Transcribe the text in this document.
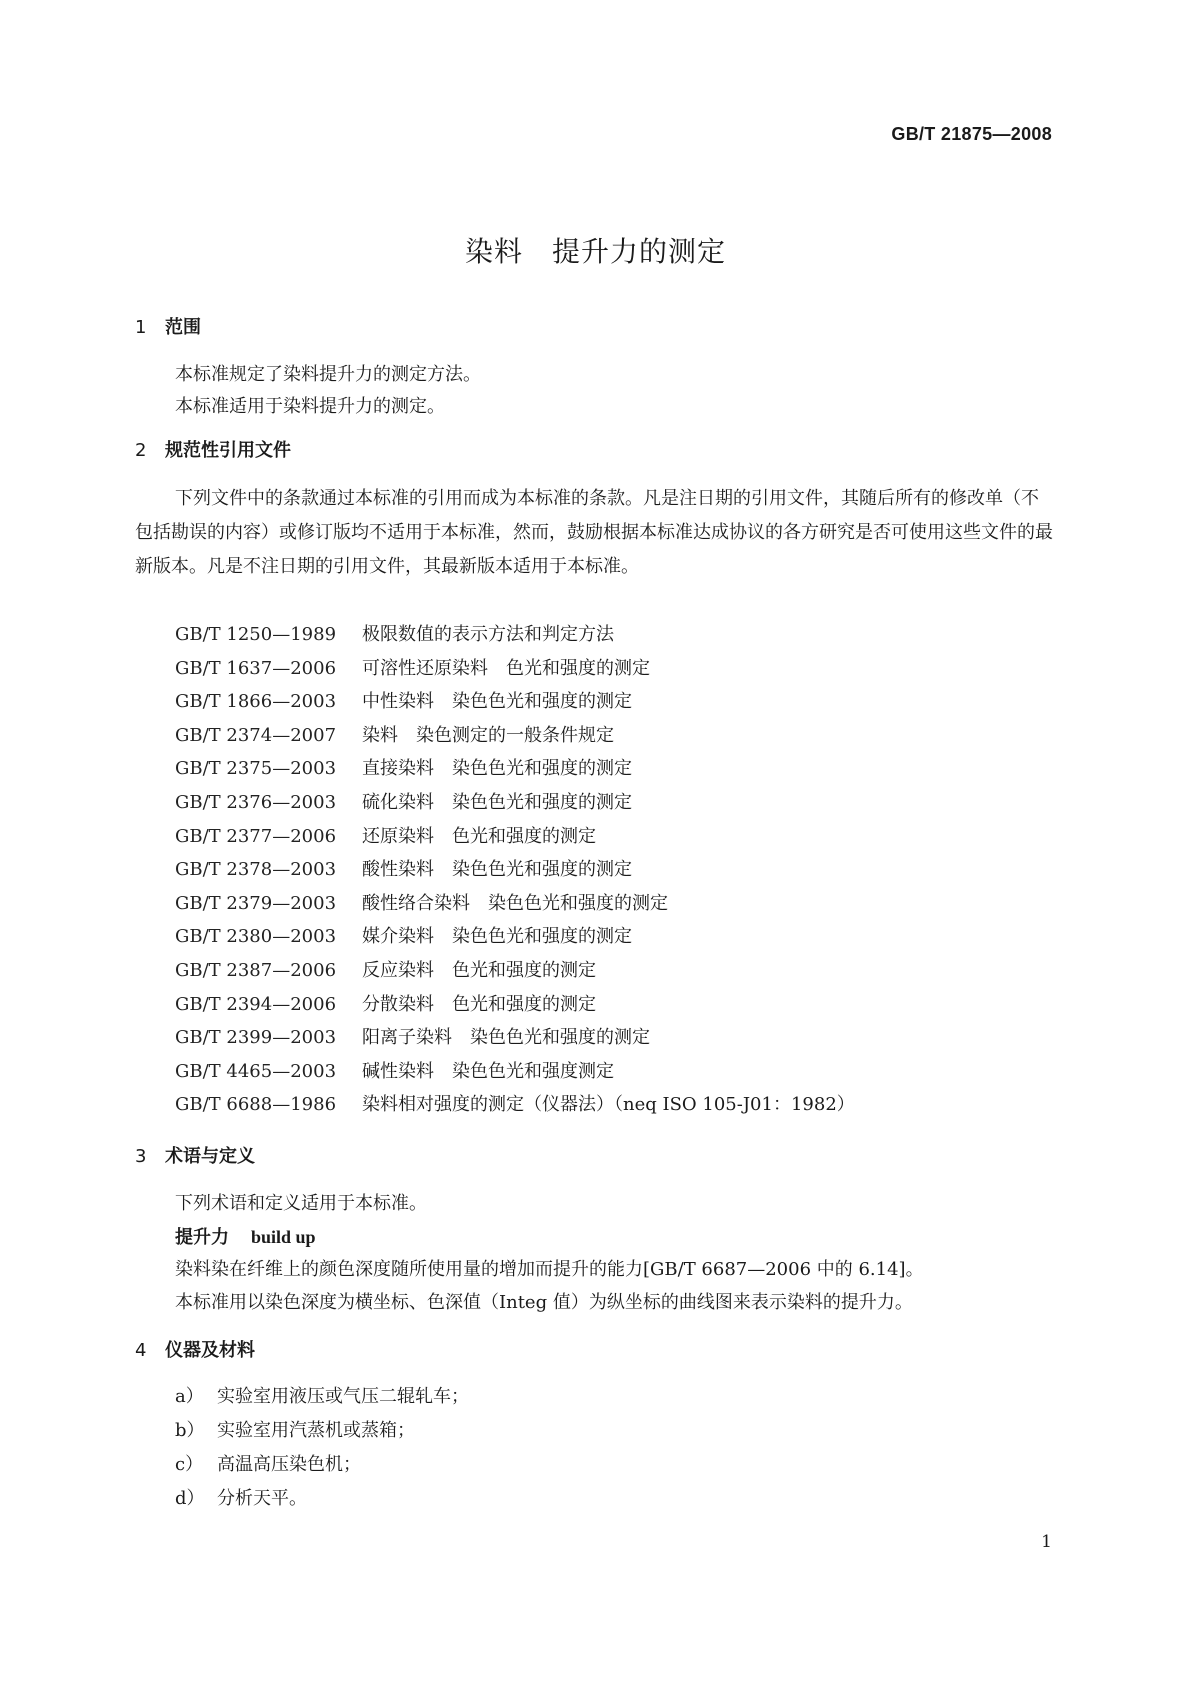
GB/T 21875—2008
染料　提升力的测定
1 范围
本标准规定了染料提升力的测定方法。
本标准适用于染料提升力的测定。
2 规范性引用文件

下列文件中的条款通过本标准的引用而成为本标准的条款。凡是注日期的引用文件，其随后所有的修改单（不包括勘误的内容）或修订版均不适用于本标准，然而，鼓励根据本标准达成协议的各方研究是否可使用这些文件的最新版本。凡是不注日期的引用文件，其最新版本适用于本标准。

GB/T 1250—1989	极限数值的表示方法和判定方法
GB/T 1637—2006	可溶性还原染料　色光和强度的测定
GB/T 1866—2003	中性染料　染色色光和强度的测定
GB/T 2374—2007	染料　染色测定的一般条件规定
GB/T 2375—2003	直接染料　染色色光和强度的测定
GB/T 2376—2003	硫化染料　染色色光和强度的测定
GB/T 2377—2006	还原染料　色光和强度的测定
GB/T 2378—2003	酸性染料　染色色光和强度的测定
GB/T 2379—2003	酸性络合染料　染色色光和强度的测定
GB/T 2380—2003	媒介染料　染色色光和强度的测定
GB/T 2387—2006	反应染料　色光和强度的测定
GB/T 2394—2006	分散染料　色光和强度的测定
GB/T 2399—2003	阳离子染料　染色色光和强度的测定
GB/T 4465—2003	碱性染料　染色色光和强度测定
GB/T 6688—1986	染料相对强度的测定（仪器法）（neq ISO 105-J01：1982）
3 术语与定义
下列术语和定义适用于本标准。
提升力 build up
染料染在纤维上的颜色深度随所使用量的增加而提升的能力[GB/T 6687—2006 中的 6.14]。
本标准用以染色深度为横坐标、色深值（Integ 值）为纵坐标的曲线图来表示染料的提升力。
4 仪器及材料
a） 实验室用液压或气压二辊轧车；
b） 实验室用汽蒸机或蒸箱；
c） 高温高压染色机；
d） 分析天平。
1
